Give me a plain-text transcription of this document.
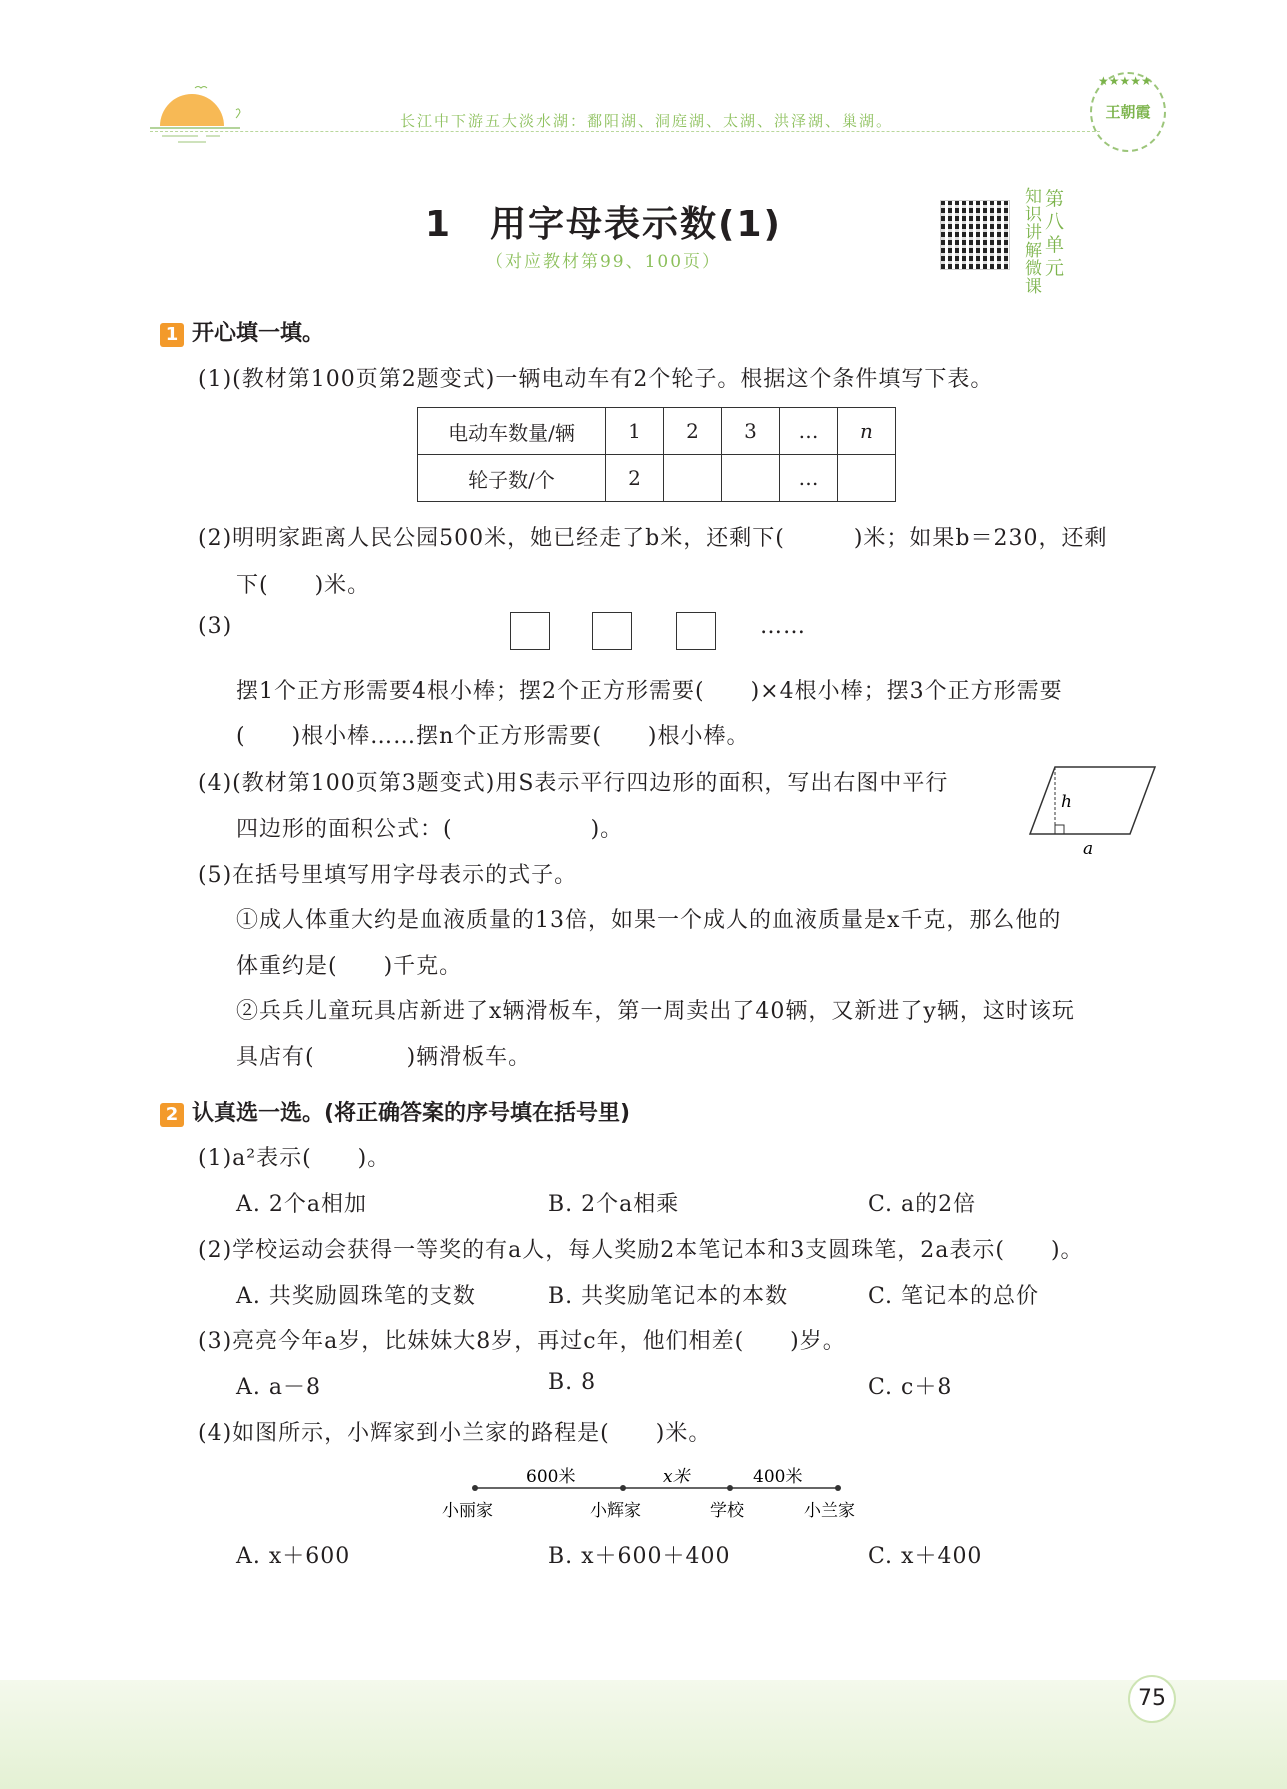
长江中下游五大淡水湖：鄱阳湖、洞庭湖、太湖、洪泽湖、巢湖。	王朝霞
★★★★★
1　用字母表示数(1)
（对应教材第99、100页）
知识讲解微课
第八单元
1 开心填一填。
(1)(教材第100页第2题变式)一辆电动车有2个轮子。根据这个条件填写下表。
电动车数量/辆	1	2	3	…	n
轮子数/个	2			…	
(2)明明家距离人民公园500米，她已经走了b米，还剩下(　　　)米；如果b＝230，还剩
下(　　)米。
(3)	……
摆1个正方形需要4根小棒；摆2个正方形需要(　　)×4根小棒；摆3个正方形需要
(　　)根小棒……摆n个正方形需要(　　)根小棒。
(4)(教材第100页第3题变式)用S表示平行四边形的面积，写出右图中平行
四边形的面积公式：(　　　　　　)。
h
a
(5)在括号里填写用字母表示的式子。
①成人体重大约是血液质量的13倍，如果一个成人的血液质量是x千克，那么他的
体重约是(　　)千克。
②兵兵儿童玩具店新进了x辆滑板车，第一周卖出了40辆，又新进了y辆，这时该玩
具店有(　　　　)辆滑板车。
2 认真选一选。(将正确答案的序号填在括号里)
(1)a²表示(　　)。
A. 2个a相加	B. 2个a相乘	C. a的2倍
(2)学校运动会获得一等奖的有a人，每人奖励2本笔记本和3支圆珠笔，2a表示(　　)。
A. 共奖励圆珠笔的支数	B. 共奖励笔记本的本数	C. 笔记本的总价
(3)亮亮今年a岁，比妹妹大8岁，再过c年，他们相差(　　)岁。
A. a－8	B. 8	C. c＋8
(4)如图所示，小辉家到小兰家的路程是(　　)米。
600米	x米	400米
小丽家	小辉家	学校	小兰家
A. x＋600	B. x＋600＋400	C. x＋400
75
